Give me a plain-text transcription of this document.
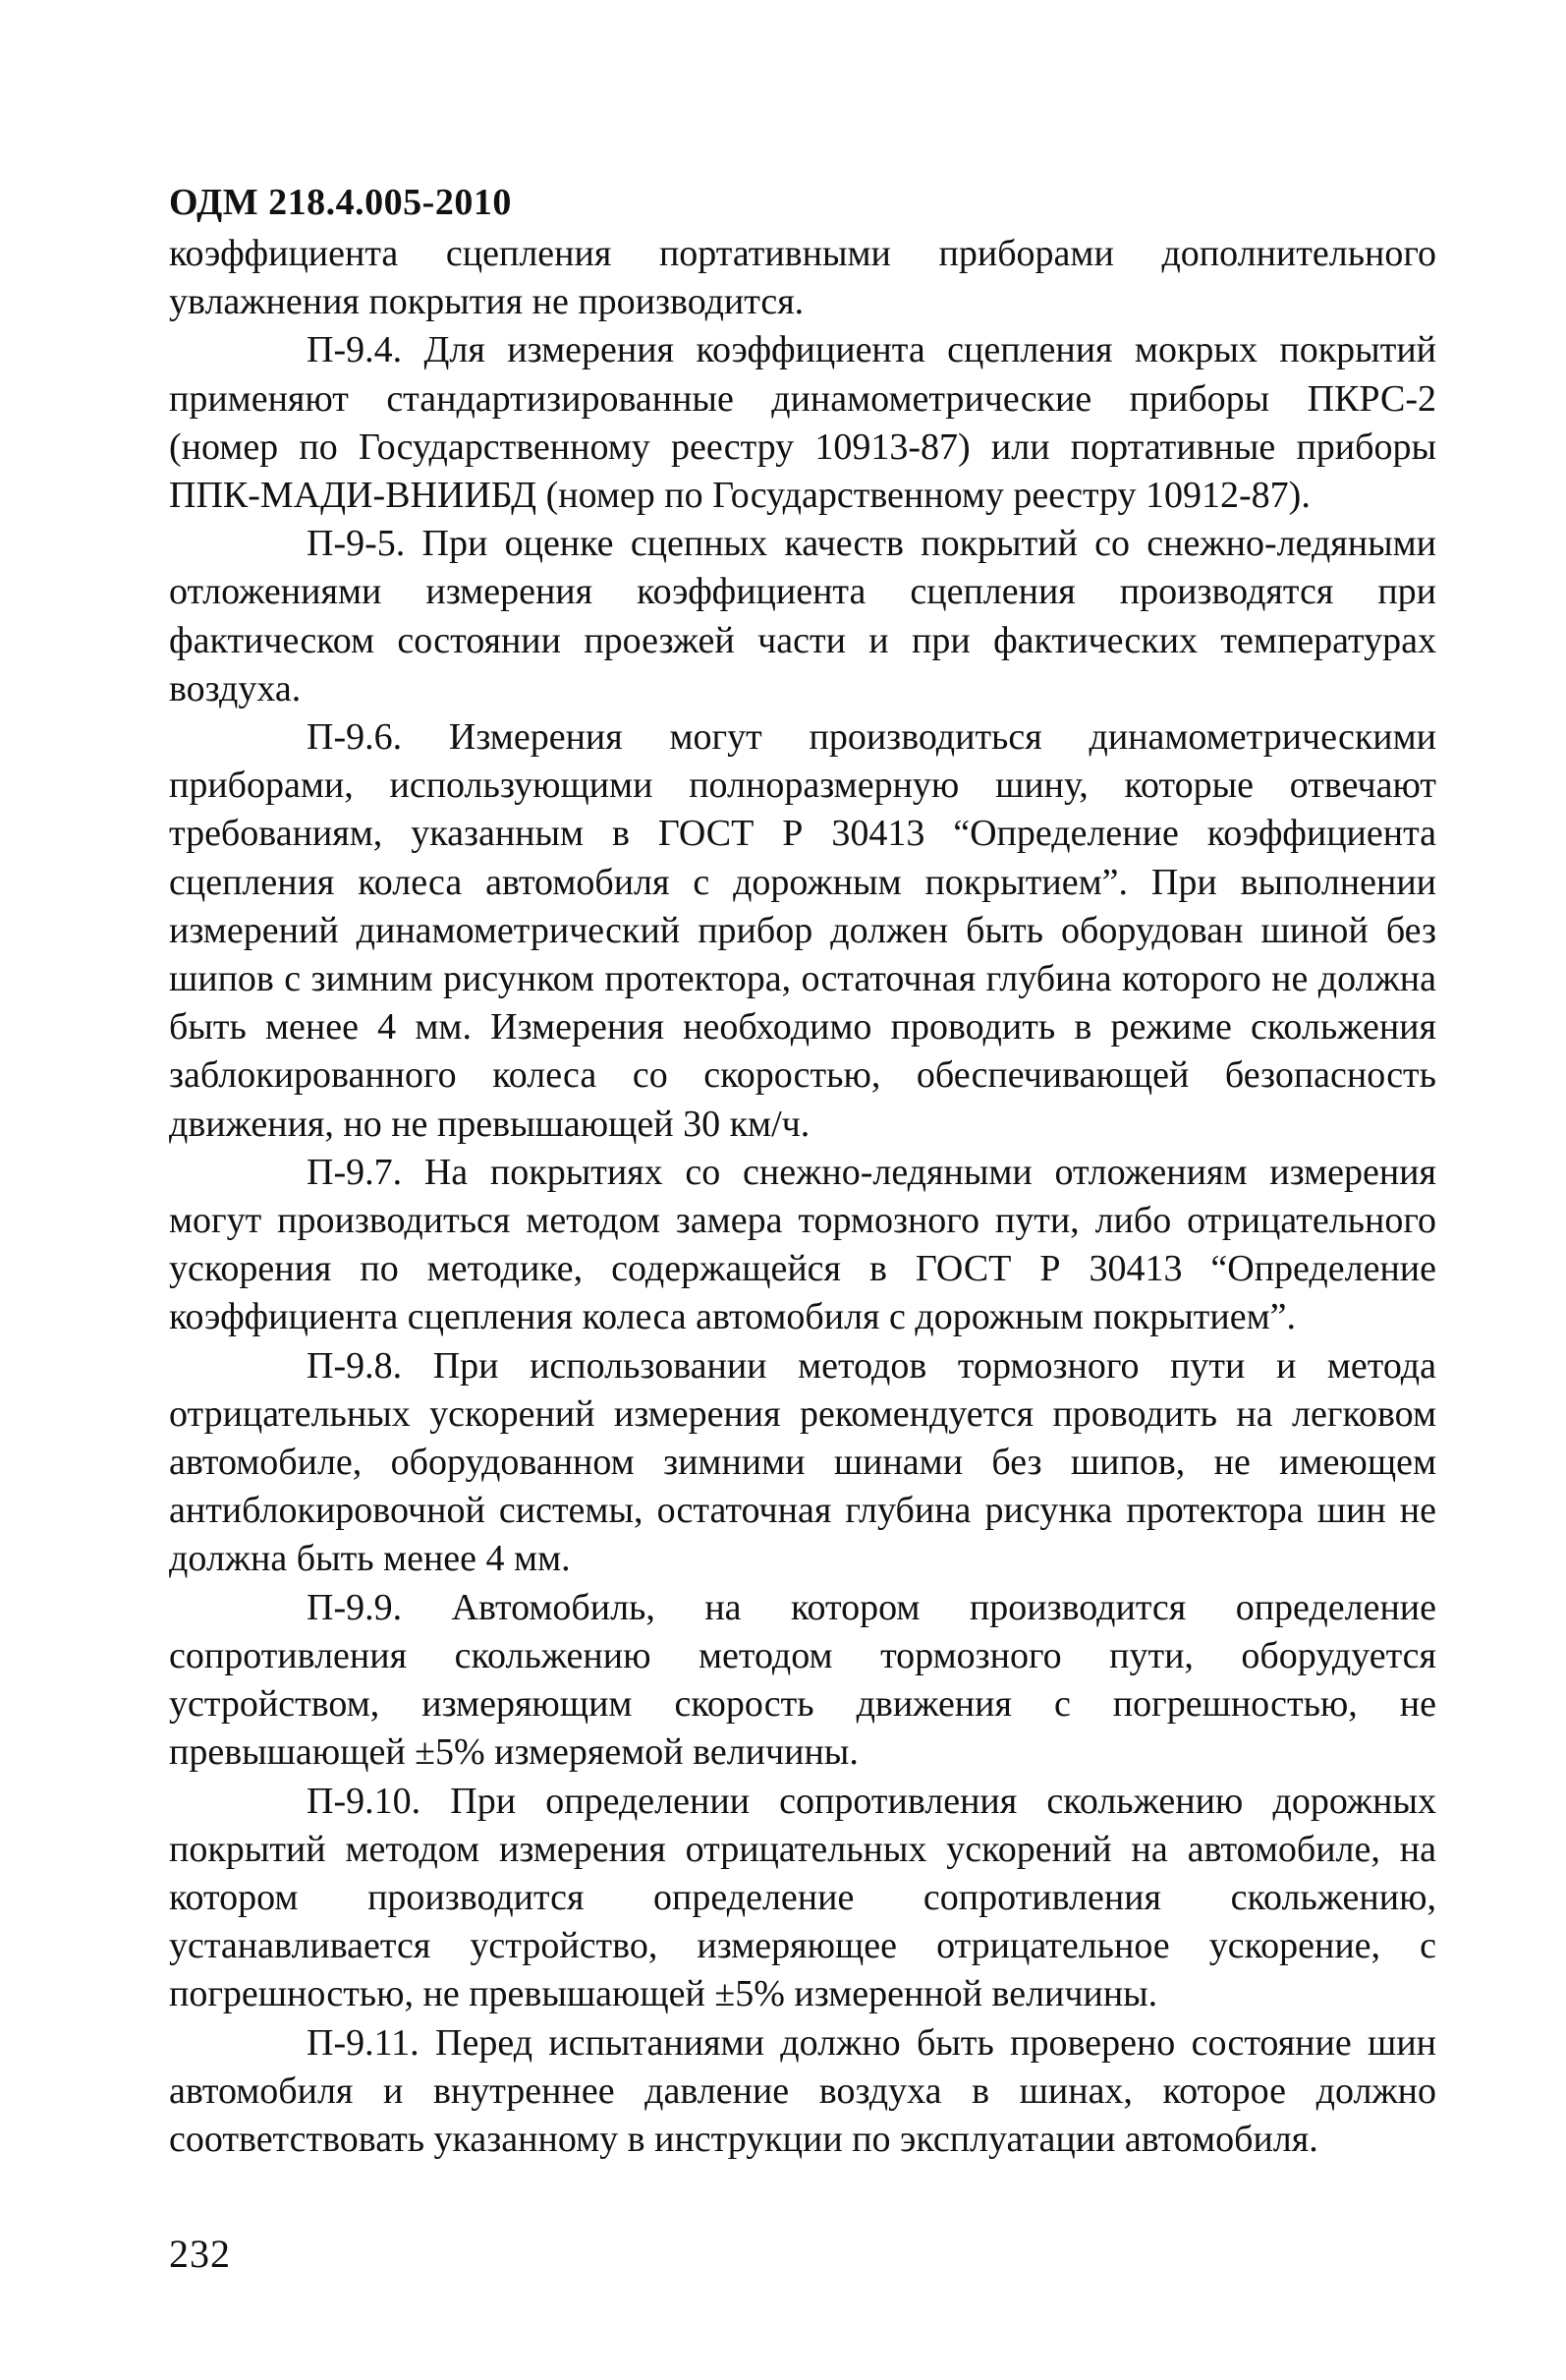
ОДМ 218.4.005-2010

коэффициента сцепления портативными приборами дополнительного увлажнения покрытия не производится.

П-9.4. Для измерения коэффициента сцепления мокрых покрытий применяют стандартизированные динамометрические приборы ПКРС-2 (номер по Государственному реестру 10913-87) или портативные приборы ППК-МАДИ-ВНИИБД (номер по Государственному реестру 10912-87).

П-9-5. При оценке сцепных качеств покрытий со снежно-ледяными отложениями измерения коэффициента сцепления производятся при фактическом состоянии проезжей части и при фактических температурах воздуха.

П-9.6. Измерения могут производиться динамометрическими приборами, использующими полноразмерную шину, которые отвечают требованиям, указанным в ГОСТ Р 30413 “Определение коэффициента сцепления колеса автомобиля с дорожным покрытием”. При выполнении измерений динамометрический прибор должен быть оборудован шиной без шипов с зимним рисунком протектора, остаточная глубина которого не должна быть менее 4 мм. Измерения необходимо проводить в режиме скольжения заблокированного колеса со скоростью, обеспечивающей безопасность движения, но не превышающей 30 км/ч.

П-9.7. На покрытиях со снежно-ледяными отложениям измерения могут производиться методом замера тормозного пути, либо отрицательного ускорения по методике, содержащейся в ГОСТ Р 30413 “Определение коэффициента сцепления колеса автомобиля с дорожным покрытием”.

П-9.8. При использовании методов тормозного пути и метода отрицательных ускорений измерения рекомендуется проводить на легковом автомобиле, оборудованном зимними шинами без шипов, не имеющем антиблокировочной системы, остаточная глубина рисунка протектора шин не должна быть менее 4 мм.

П-9.9. Автомобиль, на котором производится определение сопротивления скольжению методом тормозного пути, оборудуется устройством, измеряющим скорость движения с погрешностью, не превышающей ±5% измеряемой величины.

П-9.10. При определении сопротивления скольжению дорожных покрытий методом измерения отрицательных ускорений на автомобиле, на котором производится определение сопротивления скольжению, устанавливается устройство, измеряющее отрицательное ускорение, с погрешностью, не превышающей ±5% измеренной величины.

П-9.11. Перед испытаниями должно быть проверено состояние шин автомобиля и внутреннее давление воздуха в шинах, которое должно соответствовать указанному в инструкции по эксплуатации автомобиля.

232
